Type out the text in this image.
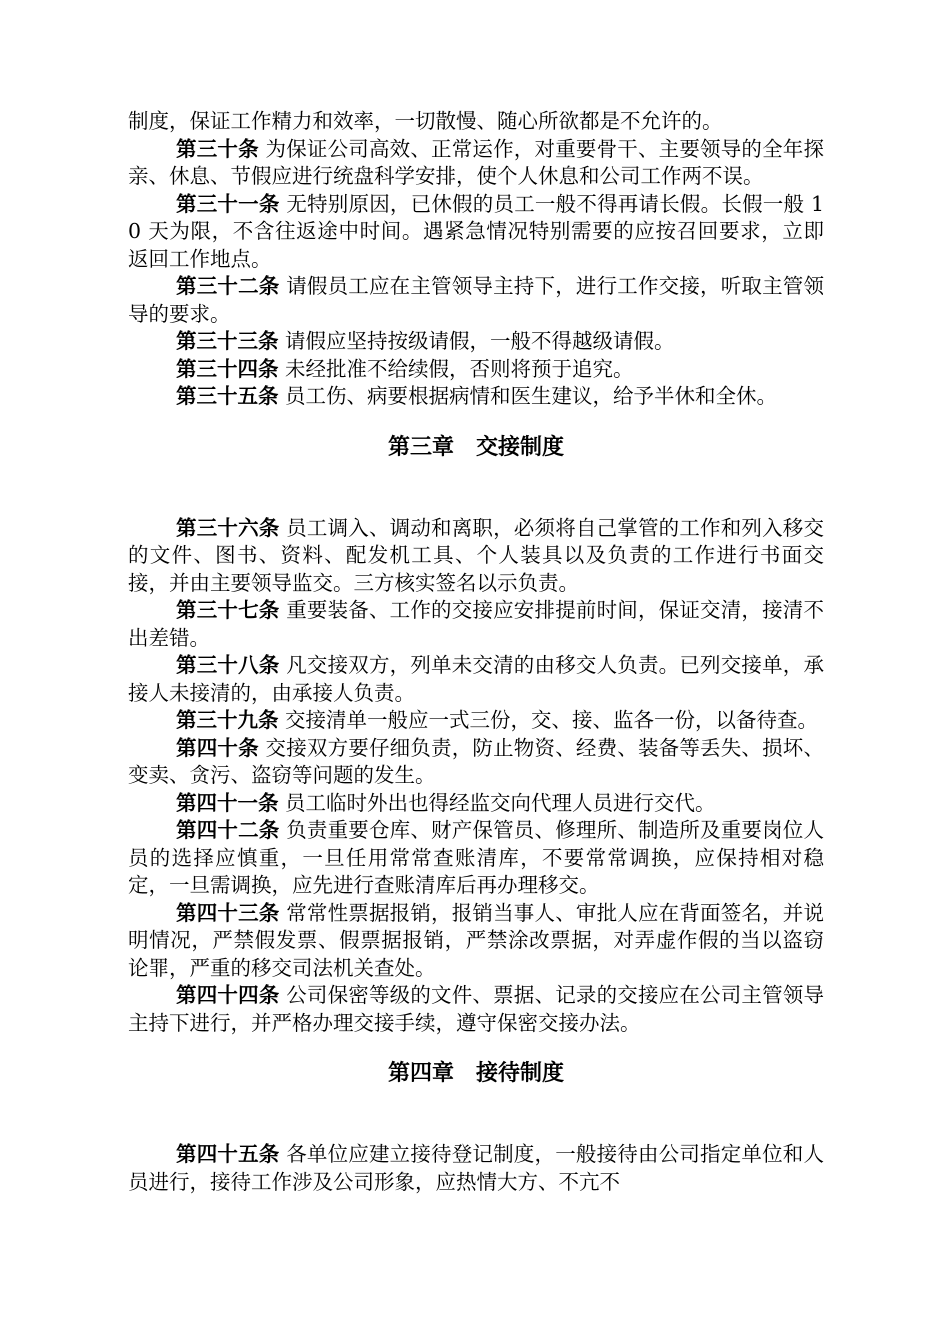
制度，保证工作精力和效率，一切散慢、随心所欲都是不允许的。

第三十条 为保证公司高效、正常运作，对重要骨干、主要领导的全年探亲、休息、节假应进行统盘科学安排，使个人休息和公司工作两不误。

第三十一条 无特别原因，已休假的员工一般不得再请长假。长假一般 10 天为限，不含往返途中时间。遇紧急情况特别需要的应按召回要求，立即返回工作地点。

第三十二条 请假员工应在主管领导主持下，进行工作交接，听取主管领导的要求。

第三十三条 请假应坚持按级请假，一般不得越级请假。

第三十四条 未经批准不给续假，否则将预于追究。

第三十五条 员工伤、病要根据病情和医生建议，给予半休和全休。

第三章　交接制度

第三十六条 员工调入、调动和离职，必须将自己掌管的工作和列入移交的文件、图书、资料、配发机工具、个人装具以及负责的工作进行书面交接，并由主要领导监交。三方核实签名以示负责。

第三十七条 重要装备、工作的交接应安排提前时间，保证交清，接清不出差错。

第三十八条 凡交接双方，列单未交清的由移交人负责。已列交接单，承接人未接清的，由承接人负责。

第三十九条 交接清单一般应一式三份，交、接、监各一份，以备待查。

第四十条 交接双方要仔细负责，防止物资、经费、装备等丢失、损坏、变卖、贪污、盗窃等问题的发生。

第四十一条 员工临时外出也得经监交向代理人员进行交代。

第四十二条 负责重要仓库、财产保管员、修理所、制造所及重要岗位人员的选择应慎重，一旦任用常常查账清库，不要常常调换，应保持相对稳定，一旦需调换，应先进行查账清库后再办理移交。

第四十三条 常常性票据报销，报销当事人、审批人应在背面签名，并说明情况，严禁假发票、假票据报销，严禁涂改票据，对弄虚作假的当以盗窃论罪，严重的移交司法机关查处。

第四十四条 公司保密等级的文件、票据、记录的交接应在公司主管领导主持下进行，并严格办理交接手续，遵守保密交接办法。

第四章　接待制度

第四十五条 各单位应建立接待登记制度，一般接待由公司指定单位和人员进行，接待工作涉及公司形象，应热情大方、不亢不
